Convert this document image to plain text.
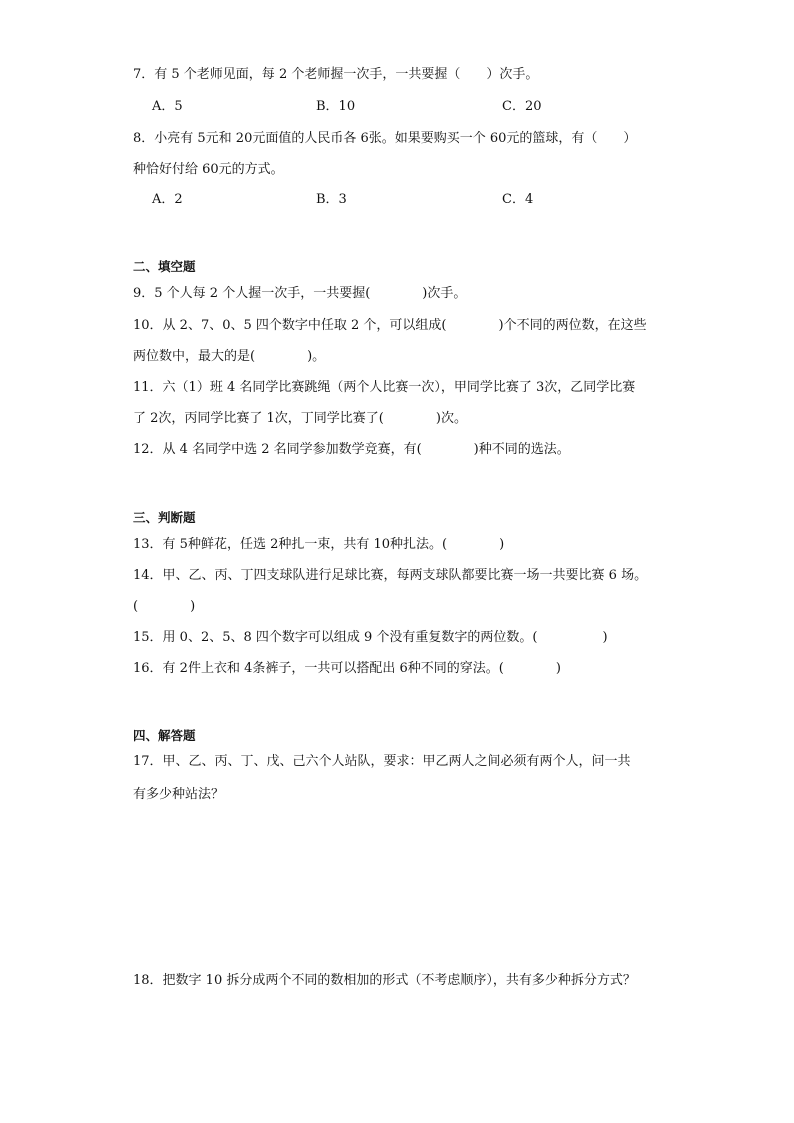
7．有 5 个老师见面，每 2 个老师握一次手，一共要握（　　）次手。
A．5	B．10	C．20
8．小亮有 5元和 20元面值的人民币各 6张。如果要购买一个 60元的篮球，有（　　）
种恰好付给 60元的方式。
A．2	B．3	C．4
二、填空题
9．5 个人每 2 个人握一次手，一共要握(　　　　)次手。
10．从 2、7、0、5 四个数字中任取 2 个，可以组成(　　　　)个不同的两位数，在这些
两位数中，最大的是(　　　　)。
11．六（1）班 4 名同学比赛跳绳（两个人比赛一次），甲同学比赛了 3次，乙同学比赛
了 2次，丙同学比赛了 1次，丁同学比赛了(　　　　)次。
12．从 4 名同学中选 2 名同学参加数学竞赛，有(　　　　)种不同的选法。
三、判断题
13．有 5种鲜花，任选 2种扎一束，共有 10种扎法。(　　　　)
14．甲、乙、丙、丁四支球队进行足球比赛，每两支球队都要比赛一场一共要比赛 6 场。
(　　　　)
15．用 0、2、5、8 四个数字可以组成 9 个没有重复数字的两位数。(　　　　　)
16．有 2件上衣和 4条裤子，一共可以搭配出 6种不同的穿法。(　　　　)
四、解答题
17．甲、乙、丙、丁、戊、己六个人站队，要求：甲乙两人之间必须有两个人，问一共
有多少种站法？
18．把数字 10 拆分成两个不同的数相加的形式（不考虑顺序），共有多少种拆分方式？
